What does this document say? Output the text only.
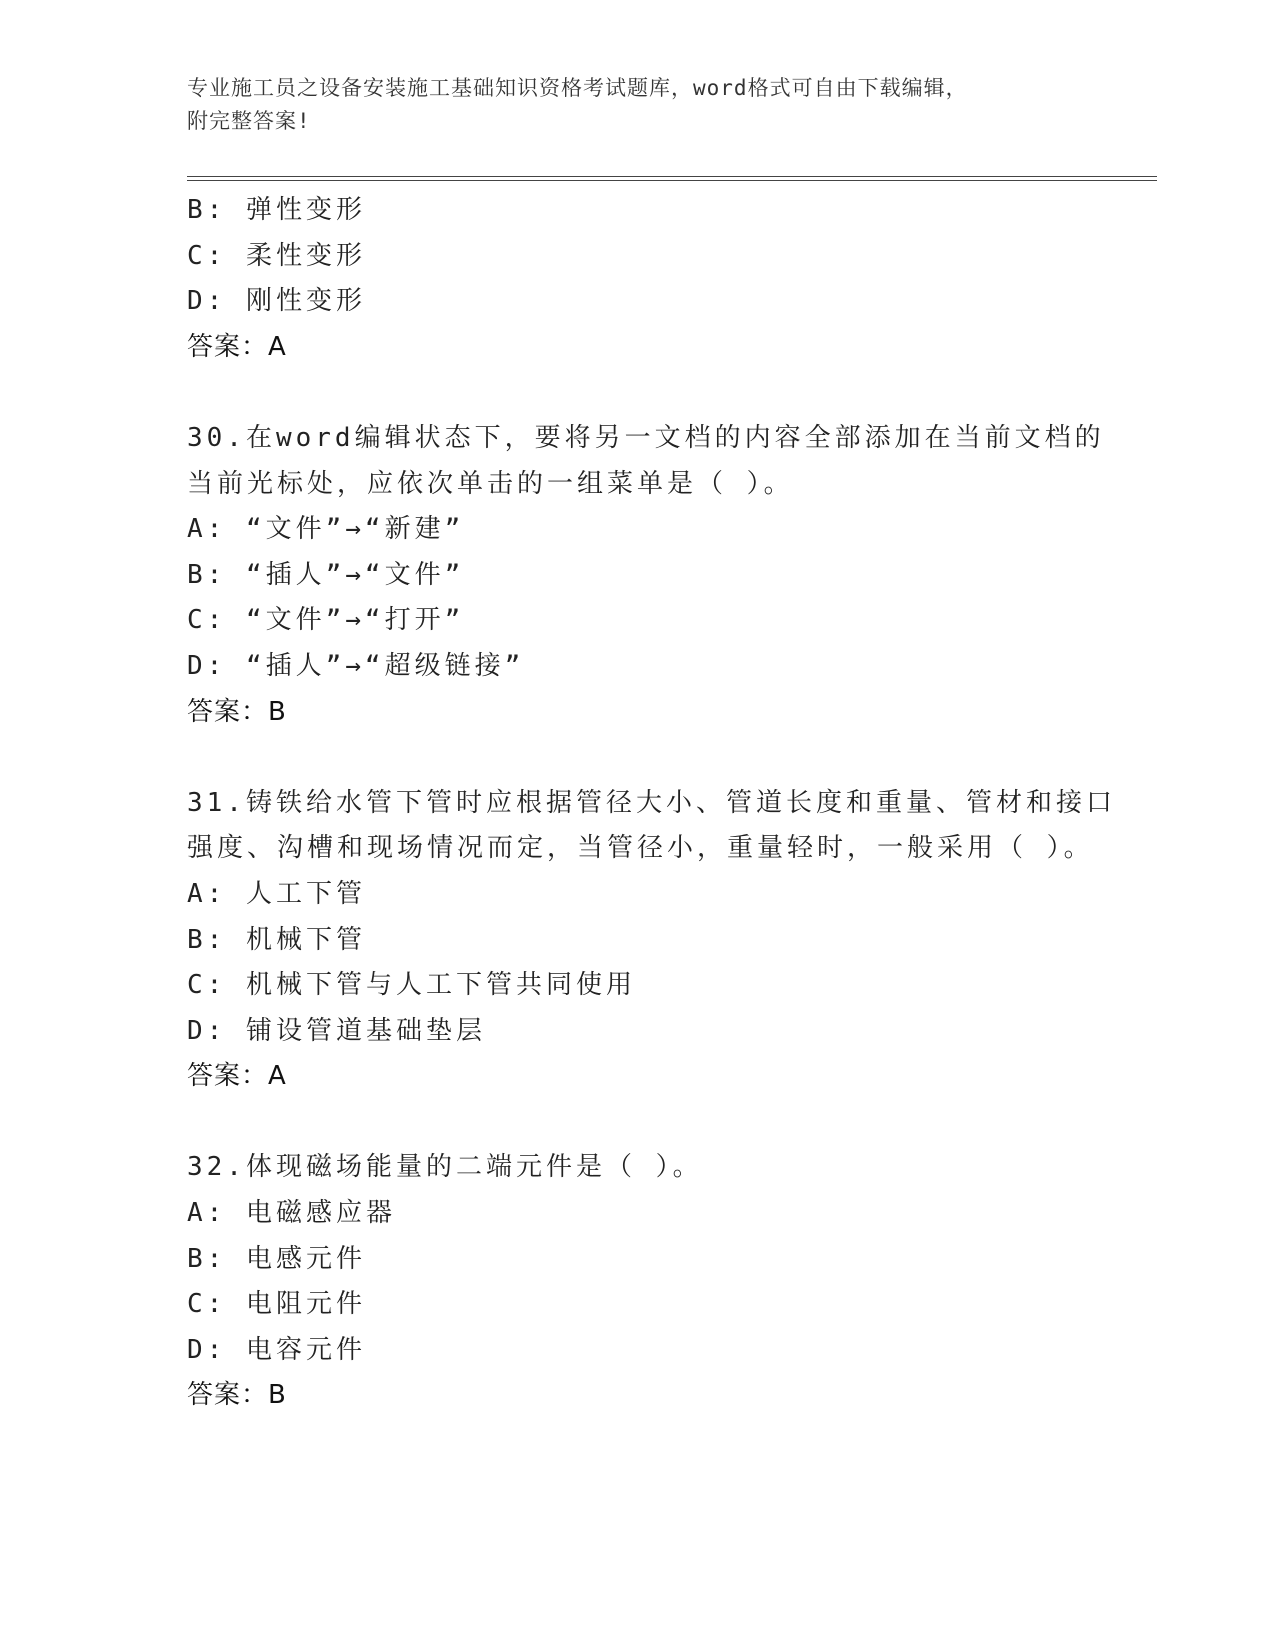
专业施工员之设备安装施工基础知识资格考试题库，word格式可自由下载编辑，
附完整答案!
B: 弹性变形
C: 柔性变形
D: 刚性变形
答案：A
30.在word编辑状态下，要将另一文档的内容全部添加在当前文档的
当前光标处，应依次单击的一组菜单是（ ）。
A: “文件”→“新建”
B: “插人”→“文件”
C: “文件”→“打开”
D: “插人”→“超级链接”
答案：B
31.铸铁给水管下管时应根据管径大小、管道长度和重量、管材和接口
强度、沟槽和现场情况而定，当管径小，重量轻时，一般采用（ ）。
A: 人工下管
B: 机械下管
C: 机械下管与人工下管共同使用
D: 铺设管道基础垫层
答案：A
32.体现磁场能量的二端元件是（ ）。
A: 电磁感应器
B: 电感元件
C: 电阻元件
D: 电容元件
答案：B
